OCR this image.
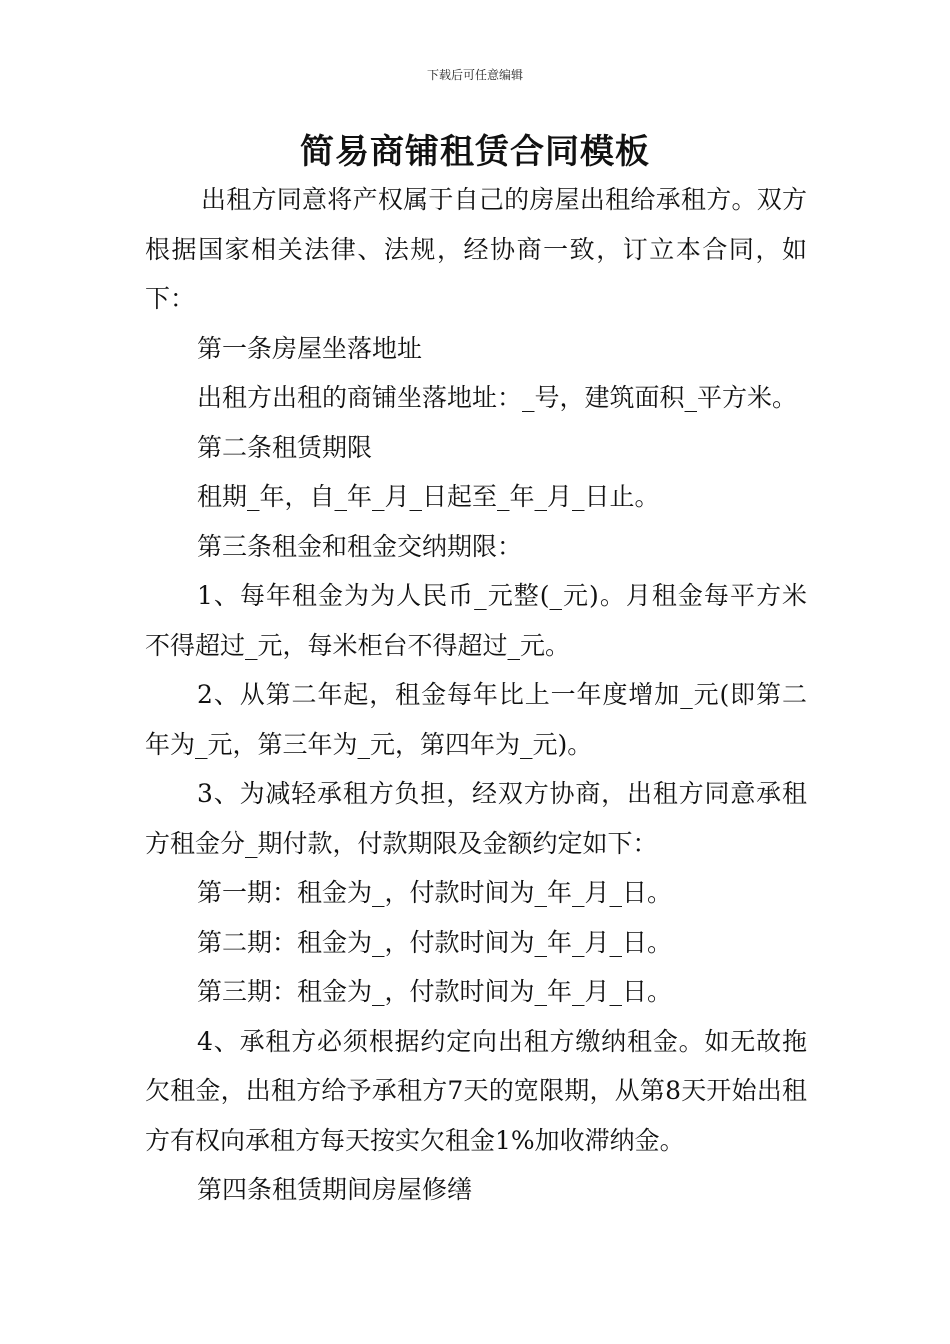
下载后可任意编辑
简易商铺租赁合同模板

出租方同意将产权属于自己的房屋出租给承租方。双方根据国家相关法律、法规，经协商一致，订立本合同，如下：

第一条房屋坐落地址

出租方出租的商铺坐落地址：_号，建筑面积_平方米。

第二条租赁期限

租期_年，自_年_月_日起至_年_月_日止。

第三条租金和租金交纳期限：

1、每年租金为为人民币_元整(_元)。月租金每平方米不得超过_元，每米柜台不得超过_元。

2、从第二年起，租金每年比上一年度增加_元(即第二年为_元，第三年为_元，第四年为_元)。

3、为减轻承租方负担，经双方协商，出租方同意承租方租金分_期付款，付款期限及金额约定如下：

第一期：租金为_，付款时间为_年_月_日。

第二期：租金为_，付款时间为_年_月_日。

第三期：租金为_，付款时间为_年_月_日。

4、承租方必须根据约定向出租方缴纳租金。如无故拖欠租金，出租方给予承租方7天的宽限期，从第8天开始出租方有权向承租方每天按实欠租金1%加收滞纳金。

第四条租赁期间房屋修缮
